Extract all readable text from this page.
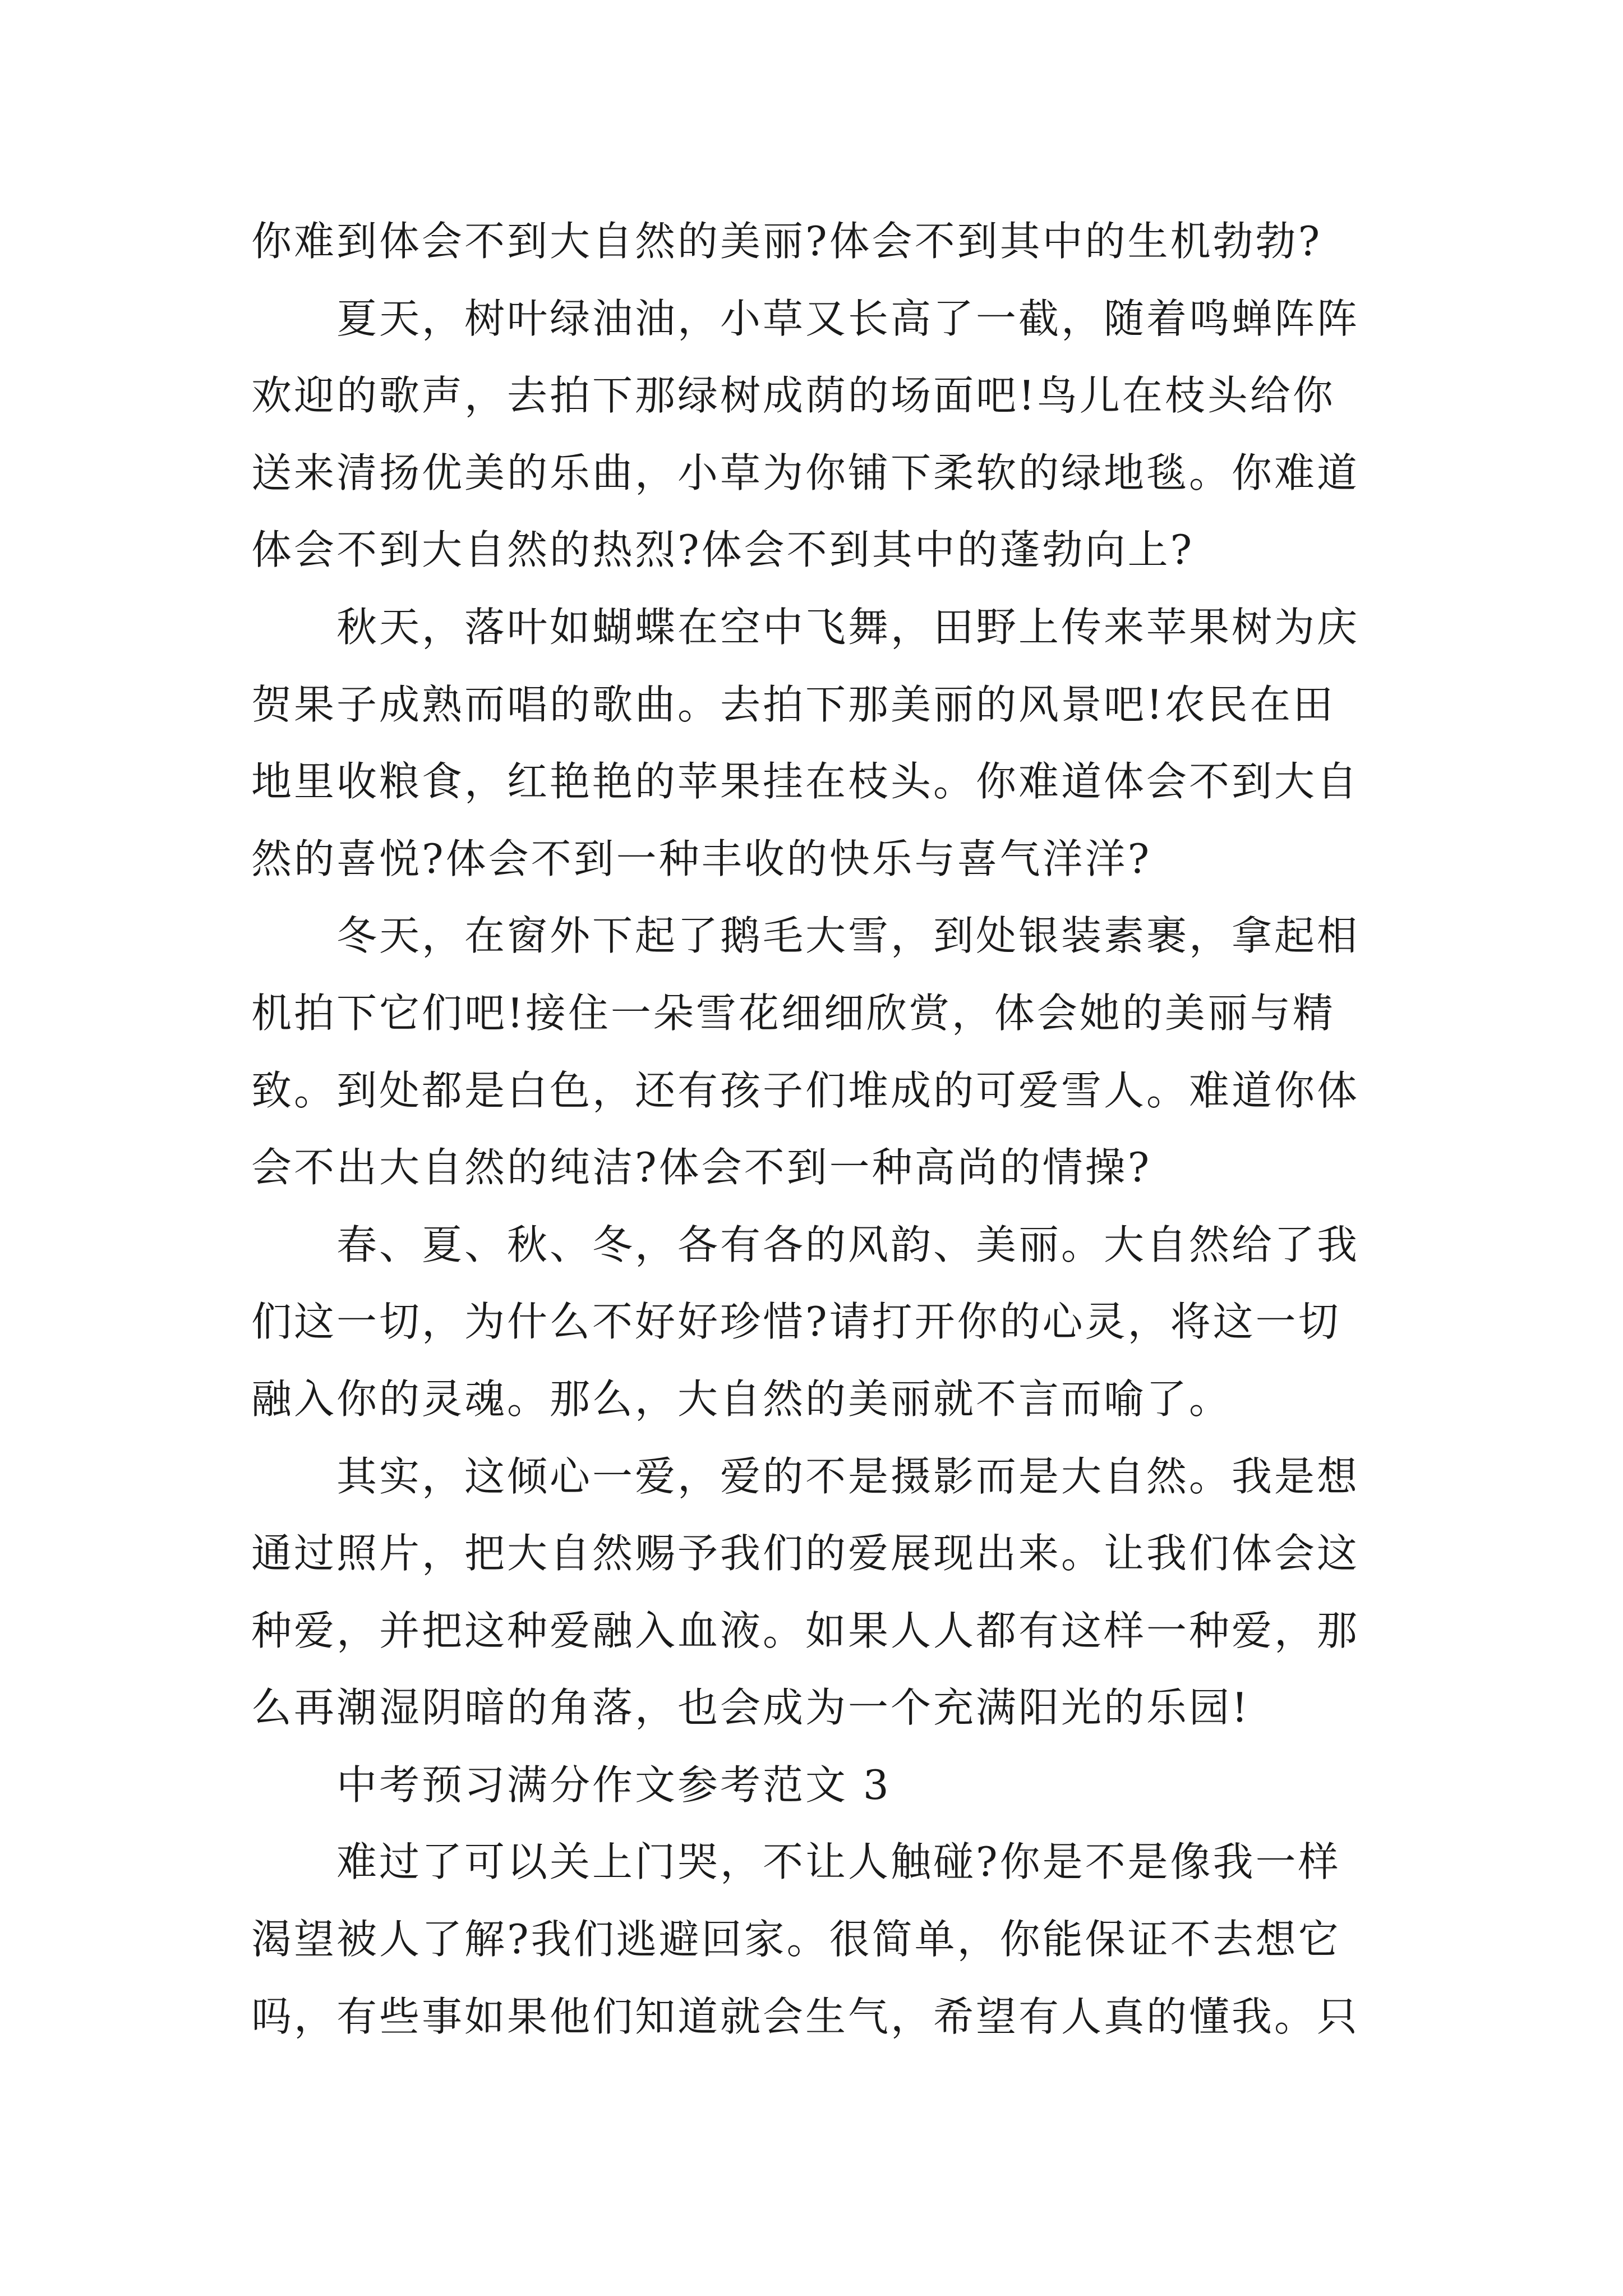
你难到体会不到大自然的美丽?体会不到其中的生机勃勃?
夏天，树叶绿油油，小草又长高了一截，随着鸣蝉阵阵
欢迎的歌声，去拍下那绿树成荫的场面吧!鸟儿在枝头给你
送来清扬优美的乐曲，小草为你铺下柔软的绿地毯。你难道
体会不到大自然的热烈?体会不到其中的蓬勃向上?
秋天，落叶如蝴蝶在空中飞舞，田野上传来苹果树为庆
贺果子成熟而唱的歌曲。去拍下那美丽的风景吧!农民在田
地里收粮食，红艳艳的苹果挂在枝头。你难道体会不到大自
然的喜悦?体会不到一种丰收的快乐与喜气洋洋?
冬天，在窗外下起了鹅毛大雪，到处银装素裹，拿起相
机拍下它们吧!接住一朵雪花细细欣赏，体会她的美丽与精
致。到处都是白色，还有孩子们堆成的可爱雪人。难道你体
会不出大自然的纯洁?体会不到一种高尚的情操?
春、夏、秋、冬，各有各的风韵、美丽。大自然给了我
们这一切，为什么不好好珍惜?请打开你的心灵，将这一切
融入你的灵魂。那么，大自然的美丽就不言而喻了。
其实，这倾心一爱，爱的不是摄影而是大自然。我是想
通过照片，把大自然赐予我们的爱展现出来。让我们体会这
种爱，并把这种爱融入血液。如果人人都有这样一种爱，那
么再潮湿阴暗的角落，也会成为一个充满阳光的乐园!
中考预习满分作文参考范文 3
难过了可以关上门哭，不让人触碰?你是不是像我一样
渴望被人了解?我们逃避回家。很简单，你能保证不去想它
吗，有些事如果他们知道就会生气，希望有人真的懂我。只
